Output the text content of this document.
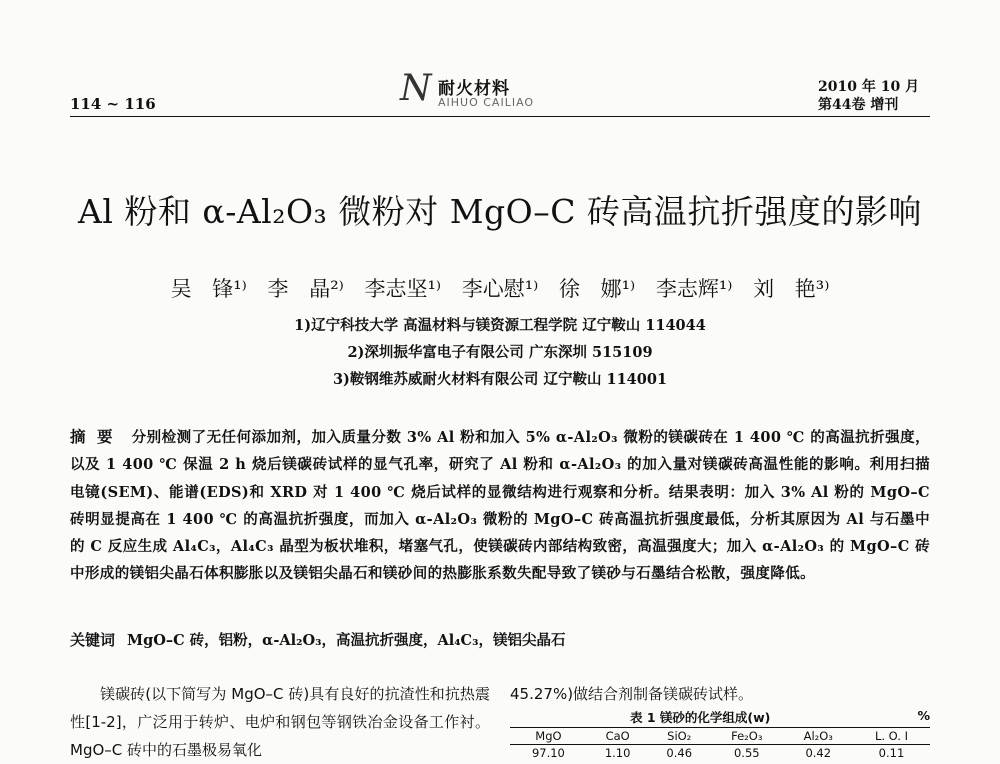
114 ~ 116	N 耐火材料
AIHUO CAILIAO
2010 年 10 月
第44卷 增刊
Al 粉和 α-Al₂O₃ 微粉对 MgO–C 砖高温抗折强度的影响
吴 锋¹⁾ 李 晶²⁾ 李志坚¹⁾ 李心慰¹⁾ 徐 娜¹⁾ 李志辉¹⁾ 刘 艳³⁾
1)辽宁科技大学 高温材料与镁资源工程学院 辽宁鞍山 114044
2)深圳振华富电子有限公司 广东深圳 515109
3)鞍钢维苏威耐火材料有限公司 辽宁鞍山 114001
摘 要 分别检测了无任何添加剂，加入质量分数 3% Al 粉和加入 5% α-Al₂O₃ 微粉的镁碳砖在 1 400 ℃ 的高温抗折强度，以及 1 400 ℃ 保温 2 h 烧后镁碳砖试样的显气孔率，研究了 Al 粉和 α-Al₂O₃ 的加入量对镁碳砖高温性能的影响。利用扫描电镜(SEM)、能谱(EDS)和 XRD 对 1 400 ℃ 烧后试样的显微结构进行观察和分析。结果表明：加入 3% Al 粉的 MgO–C 砖明显提高在 1 400 ℃ 的高温抗折强度，而加入 α-Al₂O₃ 微粉的 MgO–C 砖高温抗折强度最低，分析其原因为 Al 与石墨中的 C 反应生成 Al₄C₃，Al₄C₃ 晶型为板状堆积，堵塞气孔，使镁碳砖内部结构致密，高温强度大；加入 α-Al₂O₃ 的 MgO–C 砖中形成的镁铝尖晶石体积膨胀以及镁铝尖晶石和镁砂间的热膨胀系数失配导致了镁砂与石墨结合松散，强度降低。
关键词 MgO–C 砖，铝粉，α-Al₂O₃，高温抗折强度，Al₄C₃，镁铝尖晶石
镁碳砖(以下简写为 MgO–C 砖)具有良好的抗渣性和抗热震性[1-2]，广泛用于转炉、电炉和钢包等钢铁冶金设备工作衬。MgO–C 砖中的石墨极易氧化
45.27%)做结合剂制备镁碳砖试样。
表 1 镁砂的化学组成(w)	%
MgO	CaO	SiO₂	Fe₂O₃	Al₂O₃	L. O. I
97.10	1.10	0.46	0.55	0.42	0.11
